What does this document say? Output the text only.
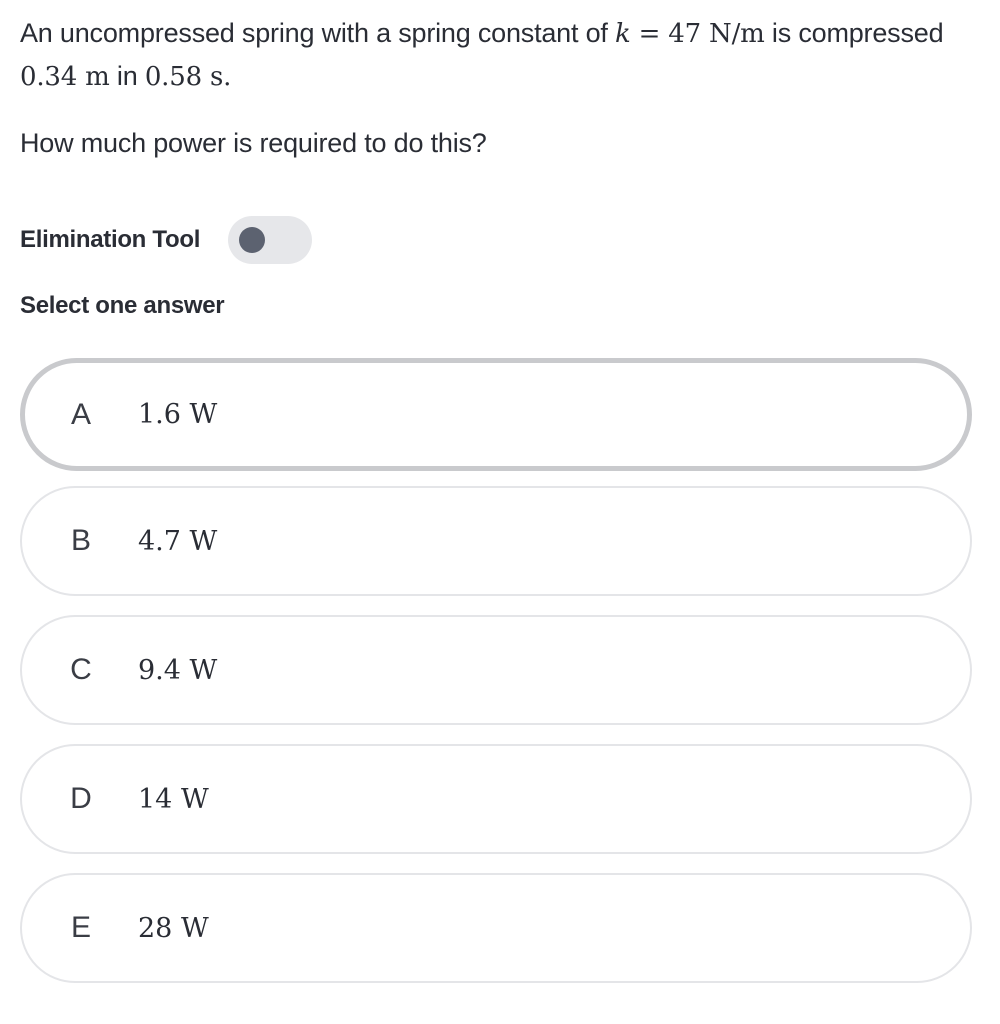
An uncompressed spring with a spring constant of k = 47 N/m is compressed 0.34 m in 0.58 s.
How much power is required to do this?
Elimination Tool
Select one answer
A 1.6 W
B 4.7 W
C 9.4 W
D 14 W
E 28 W
